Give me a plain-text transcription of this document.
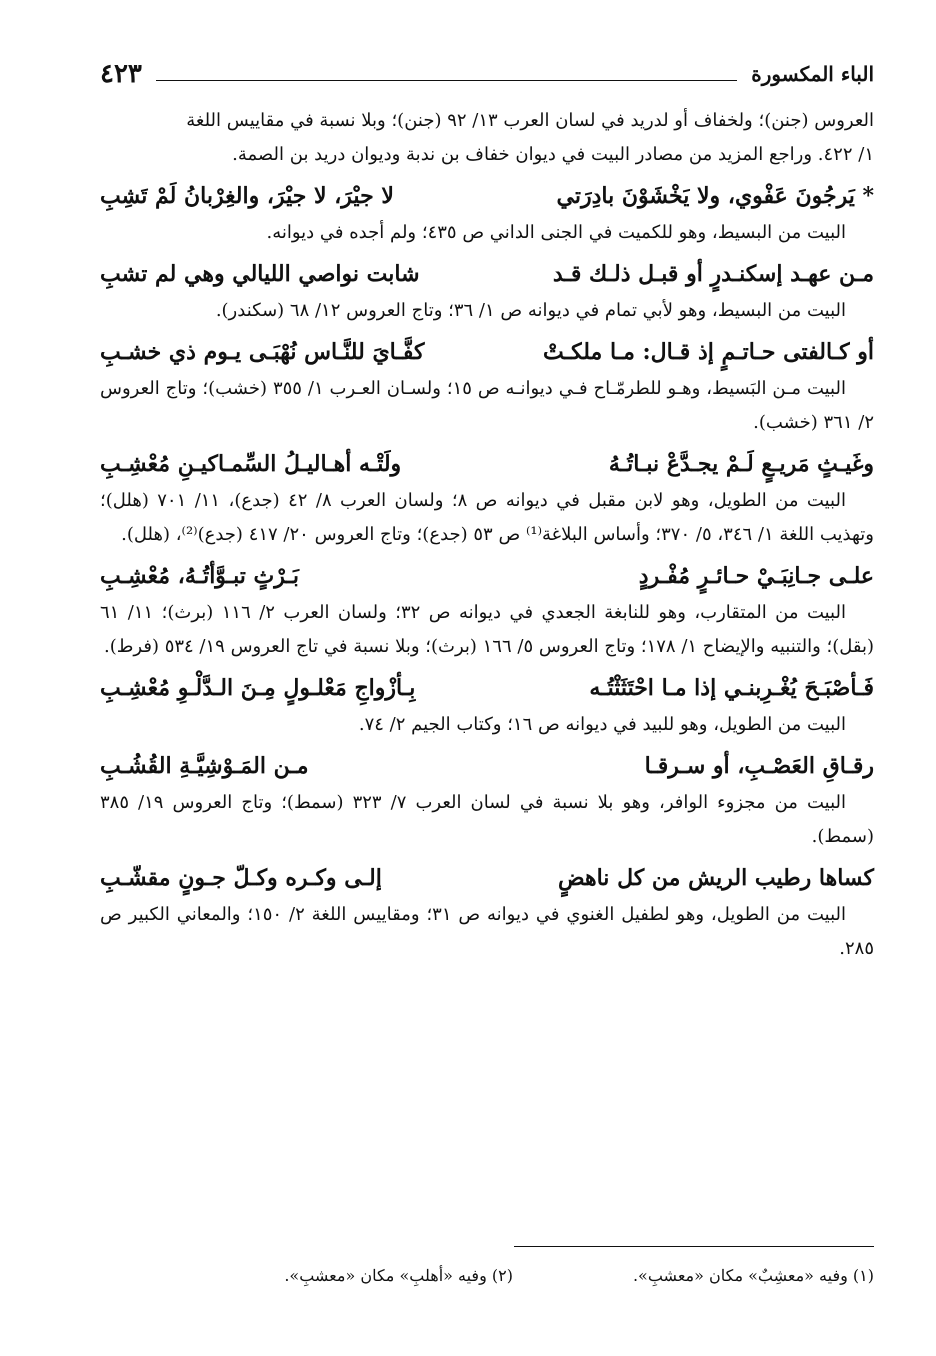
الباء المكسورة
٤٢٣

العروس (جنن)؛ ولخفاف أو لدريد في لسان العرب ١٣/ ٩٢ (جنن)؛ وبلا نسبة في مقاييس اللغة

١/ ٤٢٢. وراجع المزيد من مصادر البيت في ديوان خفاف بن ندبة وديوان دريد بن الصمة.

* يَرجُونَ عَفْوي، ولا يَخْشَوْنَ بادِرَتي
لا جيْرَ، لا جيْرَ، والغِرْبانُ لَمْ تَشِبِ

البيت من البسيط، وهو للكميت في الجنى الداني ص ٤٣٥؛ ولم أجده في ديوانه.

مـن عهـد إسكنـدرٍ أو قبـل ذلـك قـد
شابت نواصي الليالي وهي لم تشبِ

البيت من البسيط، وهو لأبي تمام في ديوانه ص ١/ ٣٦؛ وتاج العروس ١٢/ ٦٨ (سكندر).

أو كـالفتى حـاتـمٍ إذ قـال: مـا ملكـتْ
كفَّـايَ للنَّـاس نُهْبَـى يـوم ذي خشـبِ

البيت مـن البَسيط، وهـو للطرمّـاح فـي ديوانـه ص ١٥؛ ولسـان العـرب ١/ ٣٥٥ (خشب)؛ وتاج العروس ٢/ ٣٦١ (خشب).

وغَيـثٍ مَريـعٍ لَـمْ يجـدَّعْ نبـاتُـهُ
ولَتْـه أهـاليـلُ السِّمـاكيـنِ مُعْشِـبِ

البيت من الطويل، وهو لابن مقبل في ديوانه ص ٨؛ ولسان العرب ٨/ ٤٢ (جدع)، ١١/ ٧٠١ (هلل)؛ وتهذيب اللغة ١/ ٣٤٦، ٥/ ٣٧٠؛ وأساس البلاغة⁽¹⁾ ص ٥٣ (جدع)؛ وتاج العروس ٢٠/ ٤١٧ (جدع)⁽²⁾، (هلل).

علـى جـانِبَـيْ حـائـرٍ مُفْـردٍ
بَـرْثٍ تبـوَّأتُـهُ، مُعْشِـبِ

البيت من المتقارب، وهو للنابغة الجعدي في ديوانه ص ٣٢؛ ولسان العرب ٢/ ١١٦ (برث)؛ ١١/ ٦١ (بقل)؛ والتنبيه والإيضاح ١/ ١٧٨؛ وتاج العروس ٥/ ١٦٦ (برث)؛ وبلا نسبة في تاج العروس ١٩/ ٥٣٤ (فرط).

فَـأصْبَـحَ يُغْـرِبنـي إذا مـا احْتَثَثْتُـه
بِـأزْواجِ مَعْلـولٍ مِـنَ الـدَّلْـوِ مُعْشِـبِ

البيت من الطويل، وهو للبيد في ديوانه ص ١٦؛ وكتاب الجيم ٢/ ٧٤.

رقـاقِ العَصْـبِ، أو سـرقـا
مـن المَـوْشِيَّـةِ القُشُـبِ

البيت من مجزوء الوافر، وهو بلا نسبة في لسان العرب ٧/ ٣٢٣ (سمط)؛ وتاج العروس ١٩/ ٣٨٥ (سمط).

كساها رطيب الريش من كل ناهضٍ
إلـى وكـره وكـلّ جـونٍ مقشّـبِ

البيت من الطويل، وهو لطفيل الغنوي في ديوانه ص ٣١؛ ومقاييس اللغة ٢/ ١٥٠؛ والمعاني الكبير ص ٢٨٥.

(١) وفيه «معشِبٌ» مكان «معشبِ».
(٢) وفيه «أهلبِ» مكان «معشبِ».
